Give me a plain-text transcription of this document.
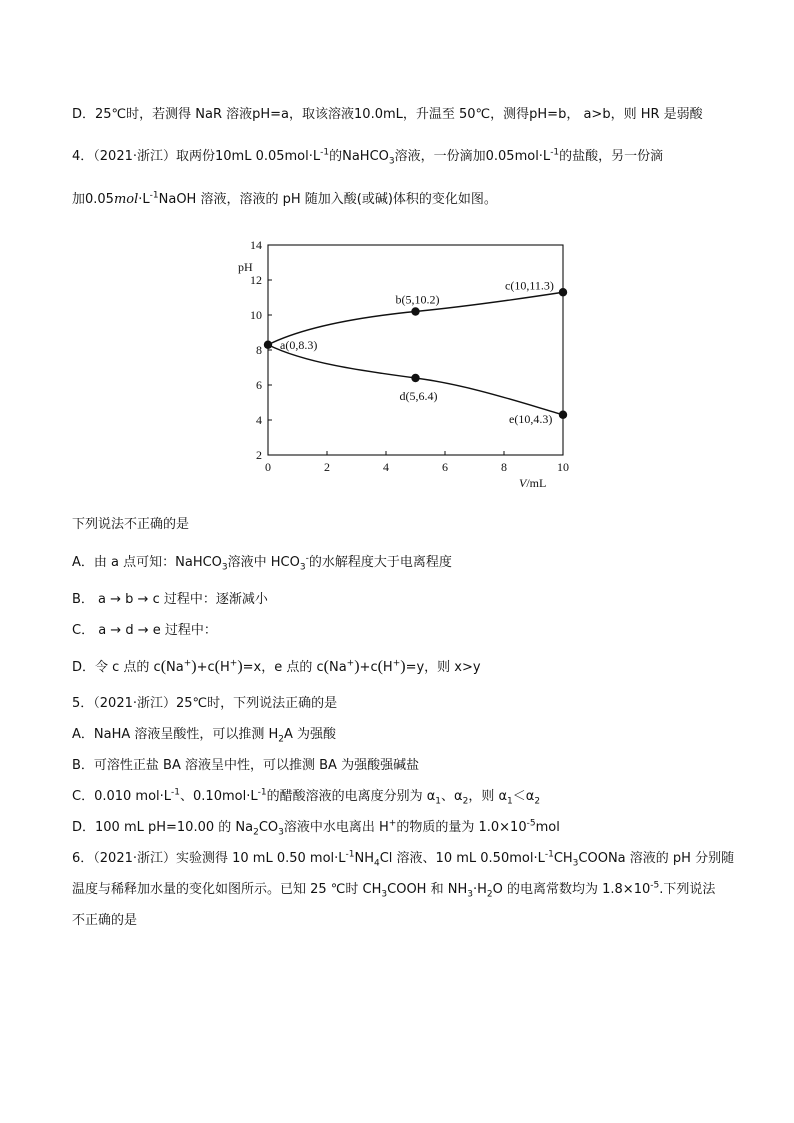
D．25℃时，若测得 NaR 溶液pH=a，取该溶液10.0mL，升温至 50℃，测得pH=b， a>b，则 HR 是弱酸
4．（2021·浙江）取两份10mL $0.05mol\cdot L^{-1}$的NaHCO$_3$溶液，一份滴加$0.05mol\cdot L^{-1}$的盐酸，另一份滴
加$0.05mol\cdot L^{-1}NaOH$ 溶液，溶液的 pH 随加入酸(或碱)体积的变化如图。
0	2	4	6	8	10
2
4
6
8
10
12
14
pH
V/mL
a(0,8.3)
b(5,10.2)
c(10,11.3)
d(5,6.4)
e(10,4.3)
下列说法不正确的是
A．由 a 点可知：NaHCO$_3$溶液中 $HCO_3^-$的水解程度大于电离程度
B． a → b → c 过程中：逐渐减小
C． a → d → e 过程中：
D．令 c 点的 c(Na+)+c(H+)=x，e 点的 c(Na+)+c(H+)=y，则 x>y
5．（2021·浙江）25℃时，下列说法正确的是
A．NaHA 溶液呈酸性，可以推测 $H_2A$ 为强酸
B．可溶性正盐 BA 溶液呈中性，可以推测 BA 为强酸强碱盐
C．0.010 $mol\cdot L^{-1}$、$0.10mol\cdot L^{-1}$的醋酸溶液的电离度分别为 $\alpha_1$、$\alpha_2$，则 $\alpha_1<\alpha_2$
D．100 mL pH=10.00 的 $Na_2CO_3$溶液中水电离出 H+的物质的量为 $1.0\times 10^{-5}mol$
6．（2021·浙江）实验测得 10 mL 0.50 $mol\cdot L^{-1}NH_4Cl$ 溶液、10 mL $0.50mol\cdot L^{-1}CH_3COONa$ 溶液的 pH 分别随
温度与稀释加水量的变化如图所示。已知 25 ℃时 $CH_3COOH$ 和 $NH_3\cdot H_2O$ 的电离常数均为 $1.8\times 10^{-5}$.下列说法
不正确的是
